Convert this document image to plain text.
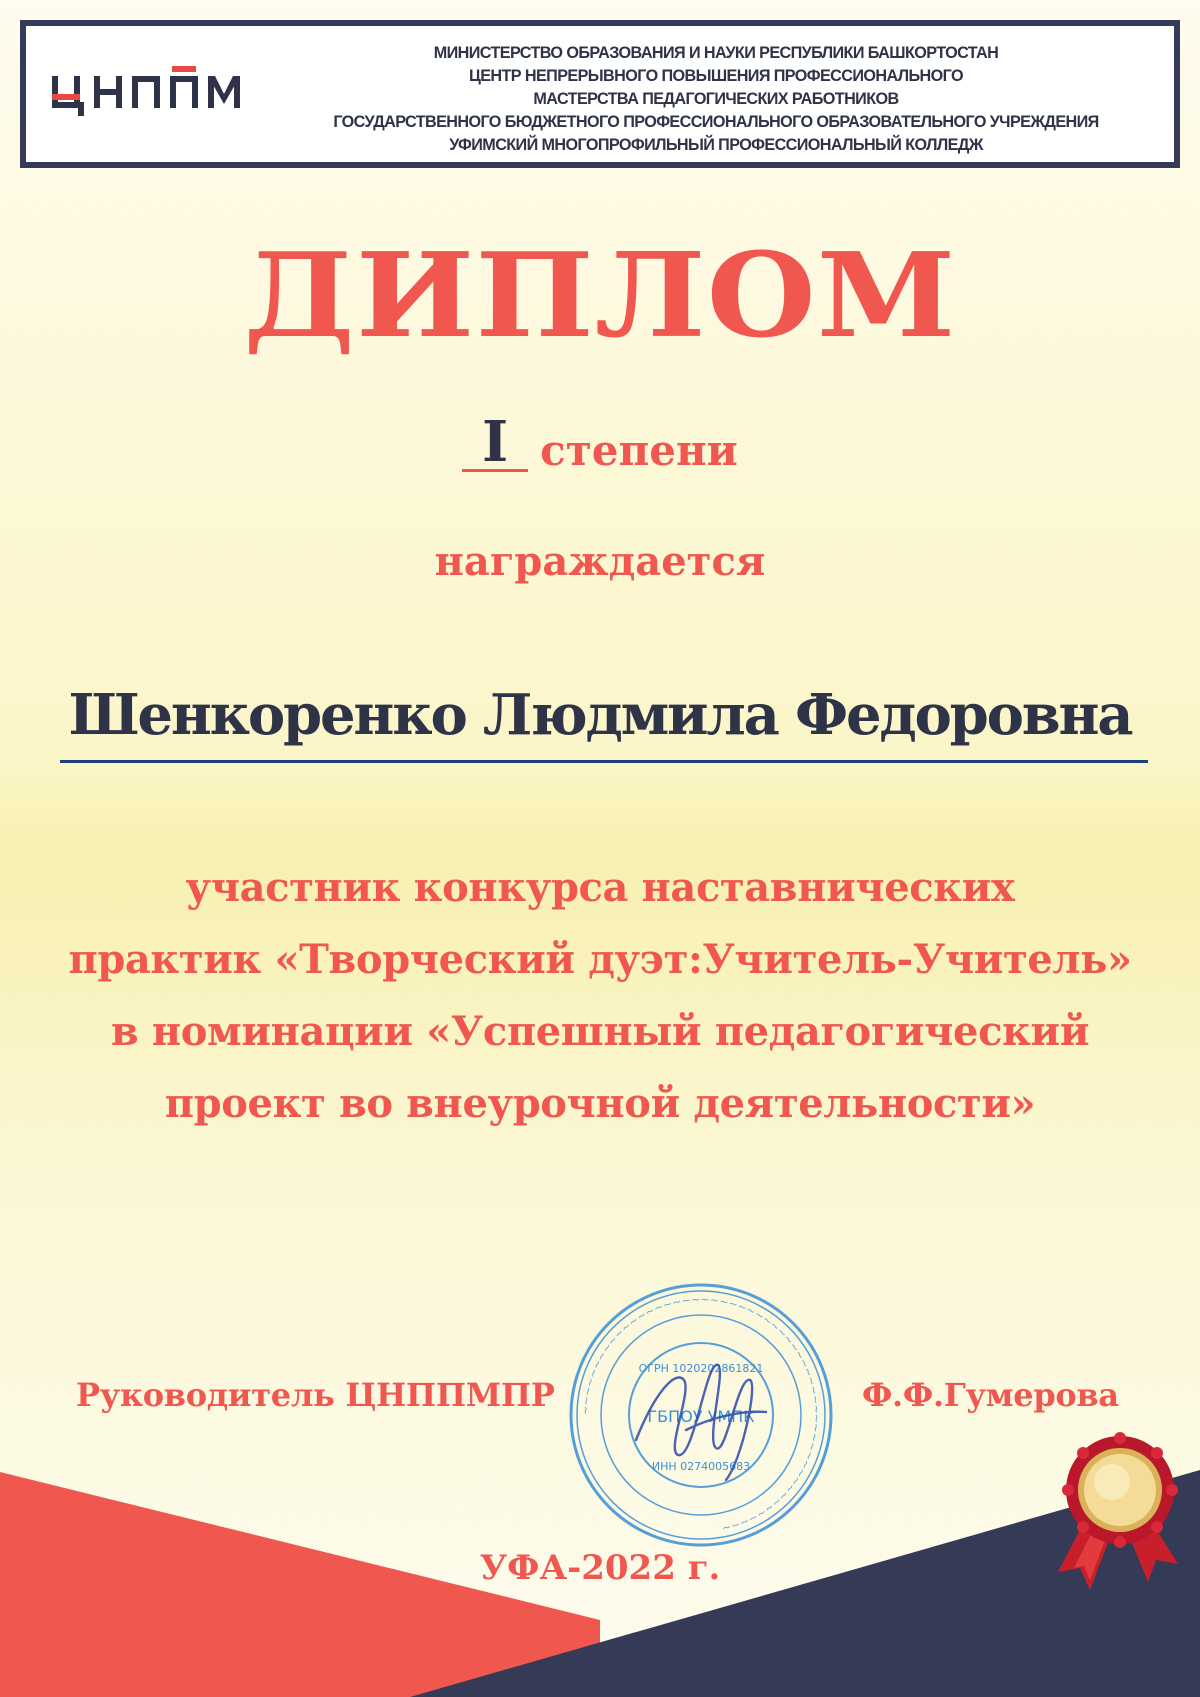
МИНИСТЕРСТВО ОБРАЗОВАНИЯ И НАУКИ РЕСПУБЛИКИ БАШКОРТОСТАН
ЦЕНТР НЕПРЕРЫВНОГО ПОВЫШЕНИЯ ПРОФЕССИОНАЛЬНОГО
МАСТЕРСТВА ПЕДАГОГИЧЕСКИХ РАБОТНИКОВ
ГОСУДАРСТВЕННОГО БЮДЖЕТНОГО ПРОФЕССИОНАЛЬНОГО ОБРАЗОВАТЕЛЬНОГО УЧРЕЖДЕНИЯ
УФИМСКИЙ МНОГОПРОФИЛЬНЫЙ ПРОФЕССИОНАЛЬНЫЙ КОЛЛЕДЖ
ДИПЛОМ
I степени
награждается
Шенкоренко Людмила Федоровна
участник конкурса наставнических
практик «Творческий дуэт:Учитель-Учитель»
в номинации «Успешный педагогический
проект во внеурочной деятельности»
Руководитель ЦНППМПР	Ф.Ф.Гумерова
~~~~~~~~~~~~~~~~~~~~~~~~~~~~~~~~~~~~~~~~~~~~~~~~~~~~~~~
ОГРН 1020202861821
ГБПОУ УМПК
ИНН 0274005683
УФА-2022 г.
